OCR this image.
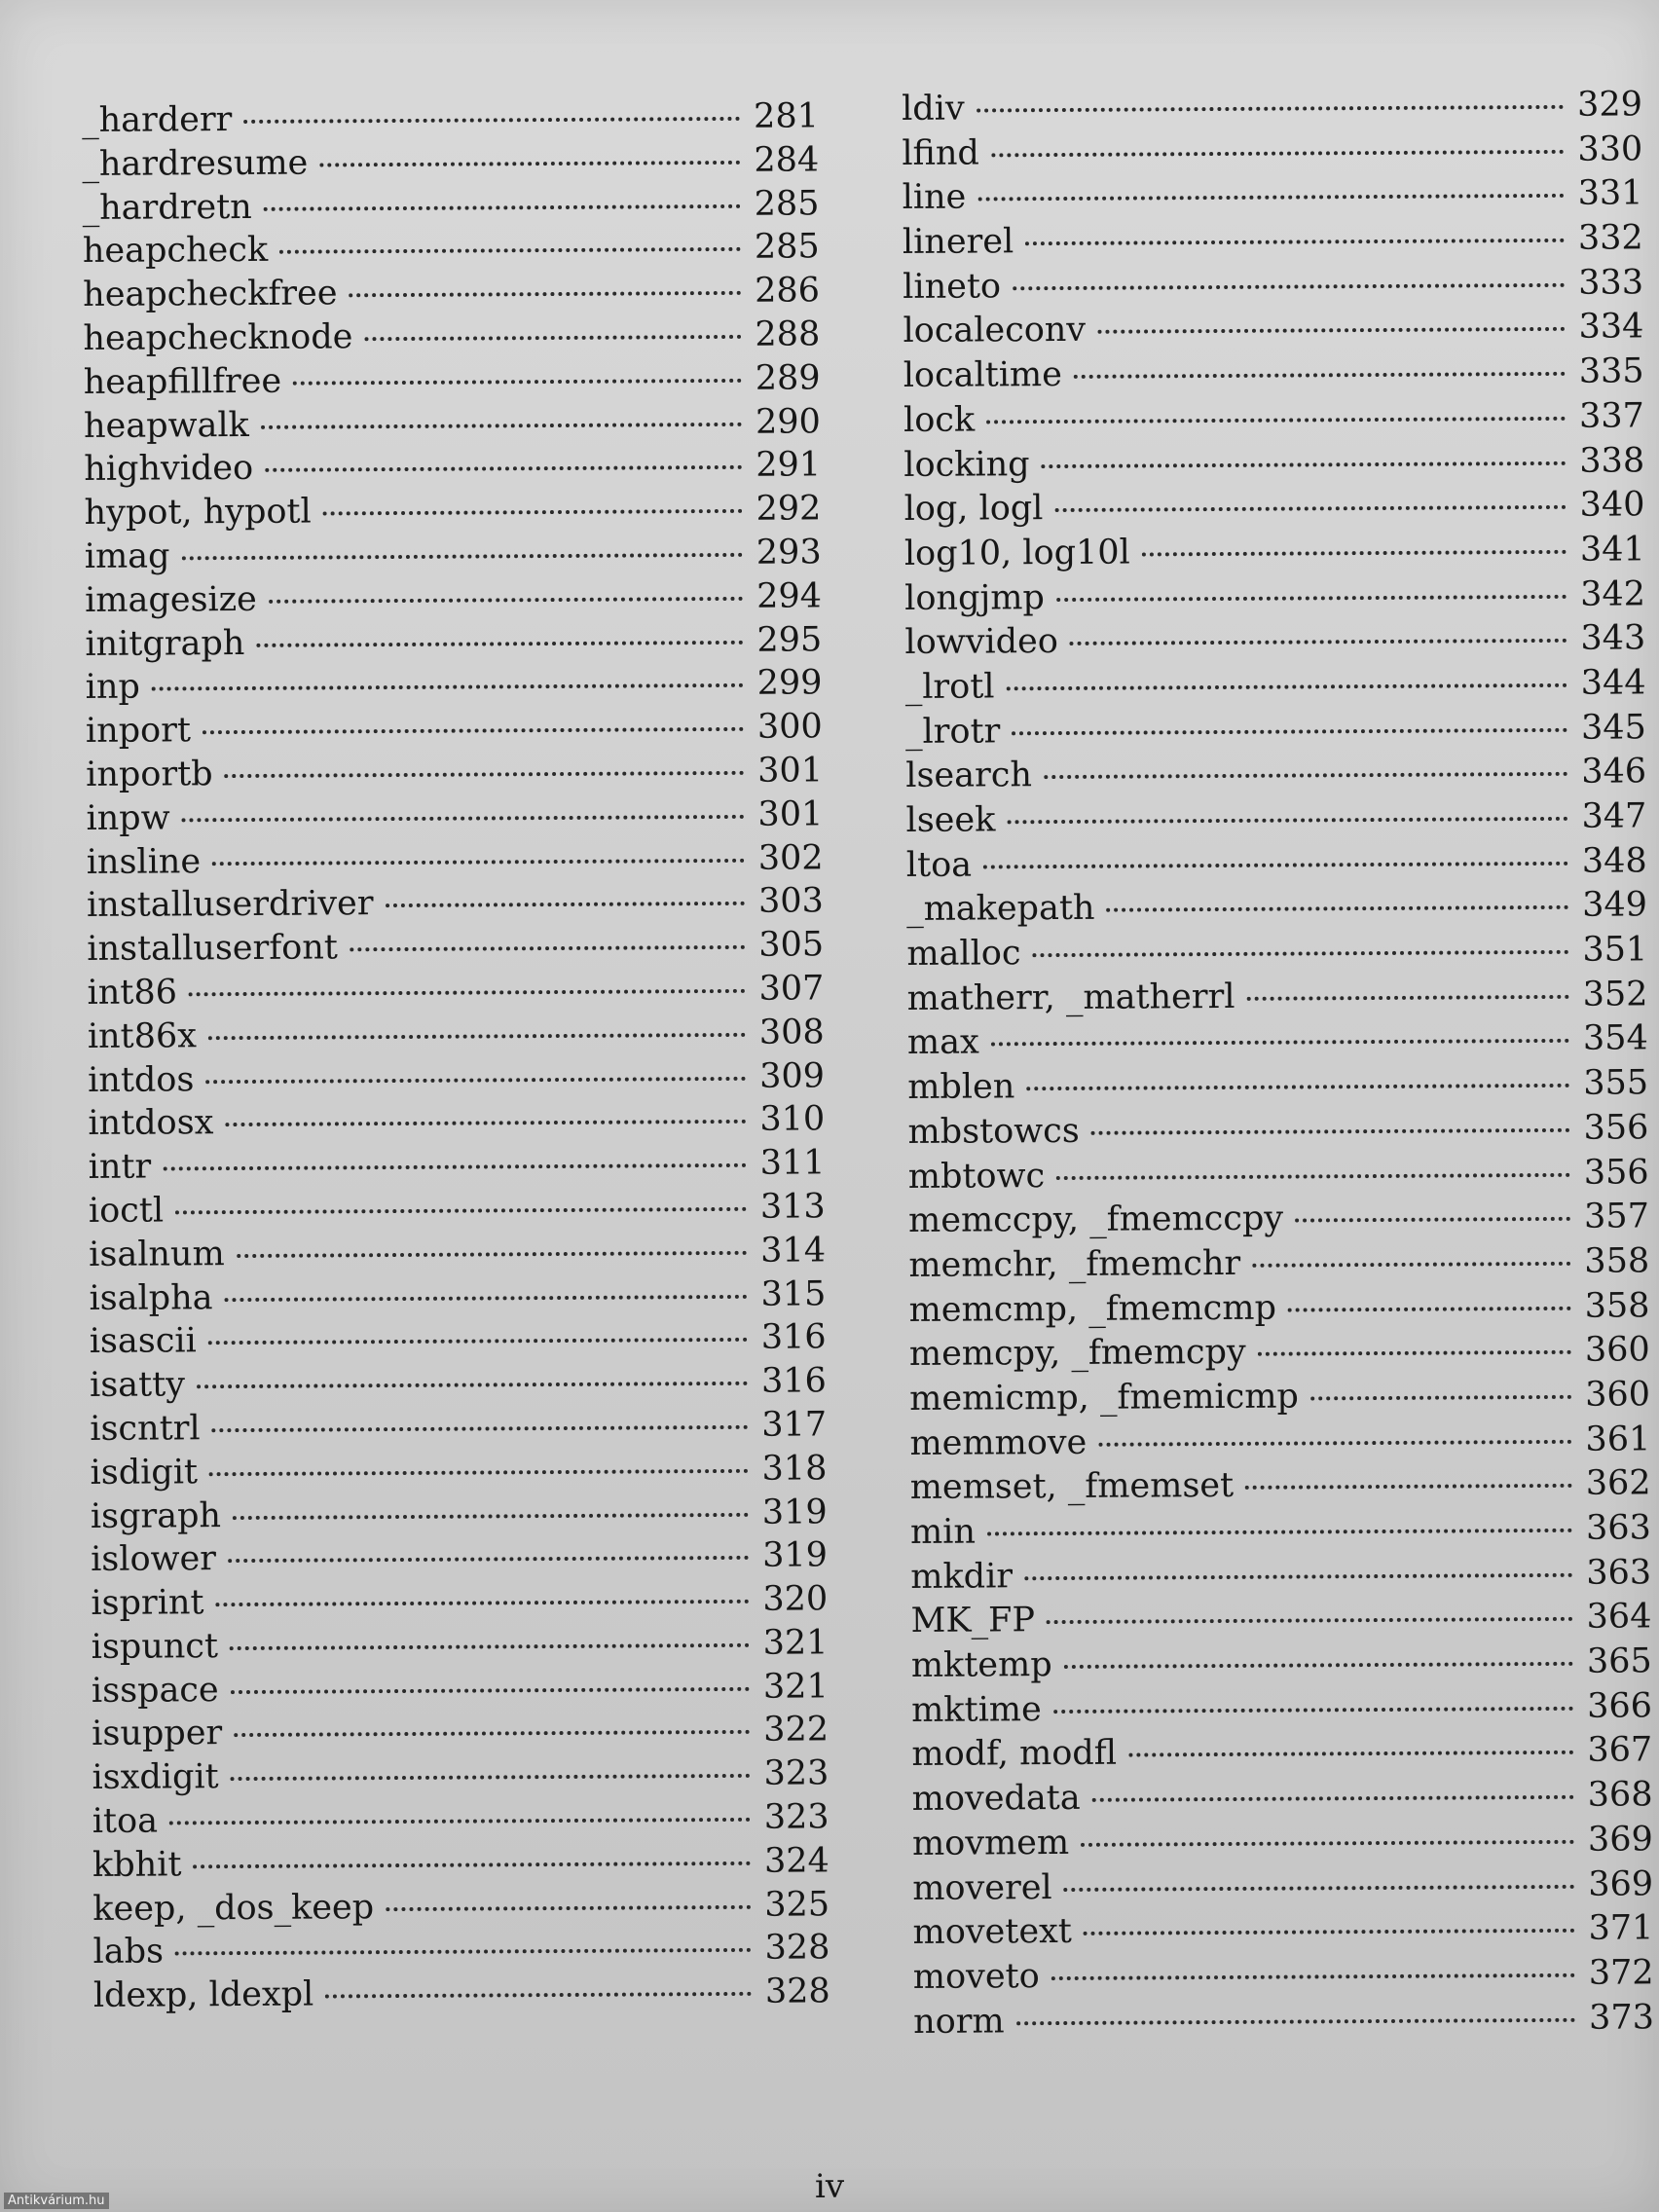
_harderr	281
_hardresume	284
_hardretn	285
heapcheck	285
heapcheckfree	286
heapchecknode	288
heapfillfree	289
heapwalk	290
highvideo	291
hypot, hypotl	292
imag	293
imagesize	294
initgraph	295
inp	299
inport	300
inportb	301
inpw	301
insline	302
installuserdriver	303
installuserfont	305
int86	307
int86x	308
intdos	309
intdosx	310
intr	311
ioctl	313
isalnum	314
isalpha	315
isascii	316
isatty	316
iscntrl	317
isdigit	318
isgraph	319
islower	319
isprint	320
ispunct	321
isspace	321
isupper	322
isxdigit	323
itoa	323
kbhit	324
keep, _dos_keep	325
labs	328
ldexp, ldexpl	328
ldiv	329
lfind	330
line	331
linerel	332
lineto	333
localeconv	334
localtime	335
lock	337
locking	338
log, logl	340
log10, log10l	341
longjmp	342
lowvideo	343
_lrotl	344
_lrotr	345
lsearch	346
lseek	347
ltoa	348
_makepath	349
malloc	351
matherr, _matherrl	352
max	354
mblen	355
mbstowcs	356
mbtowc	356
memccpy, _fmemccpy	357
memchr, _fmemchr	358
memcmp, _fmemcmp	358
memcpy, _fmemcpy	360
memicmp, _fmemicmp	360
memmove	361
memset, _fmemset	362
min	363
mkdir	363
MK_FP	364
mktemp	365
mktime	366
modf, modfl	367
movedata	368
movmem	369
moverel	369
movetext	371
moveto	372
norm	373
iv
Antikvárium.hu
